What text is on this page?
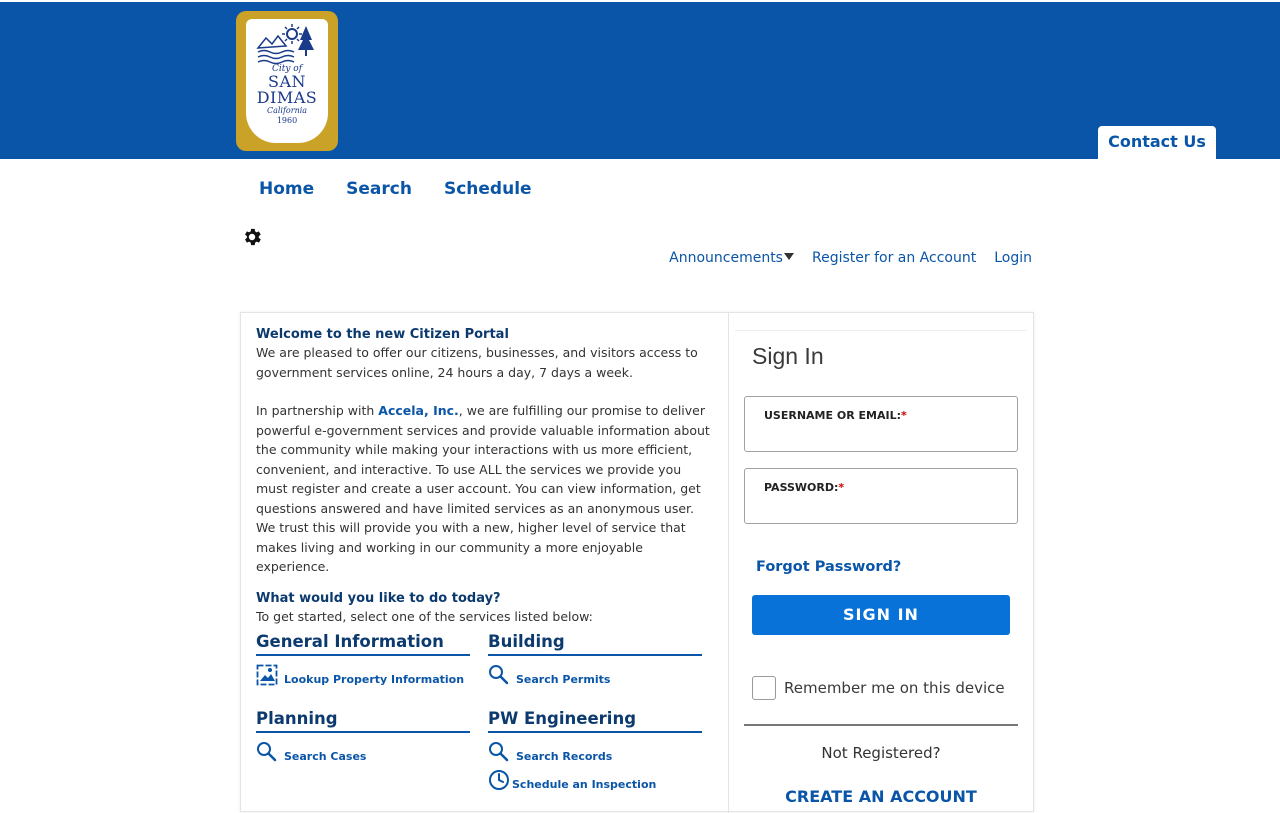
City of
SAN
DIMAS
California
1960
Contact Us
Home	Search	Schedule
Announcements	Register for an Account Login
Welcome to the new Citizen Portal
We are pleased to offer our citizens, businesses, and visitors access to government services online, 24 hours a day, 7 days a week.
In partnership with Accela, Inc., we are fulfilling our promise to deliver powerful e-government services and provide valuable information about the community while making your interactions with us more efficient, convenient, and interactive. To use ALL the services we provide you must register and create a user account. You can view information, get questions answered and have limited services as an anonymous user. We trust this will provide you with a new, higher level of service that makes living and working in our community a more enjoyable experience.
What would you like to do today?
To get started, select one of the services listed below:
General Information
Lookup Property Information
Building
Search Permits
Planning
Search Cases
PW Engineering
Search Records
Schedule an Inspection
Sign In
USERNAME OR EMAIL:*
PASSWORD:*
Forgot Password?
SIGN IN
Remember me on this device
Not Registered?
CREATE AN ACCOUNT
